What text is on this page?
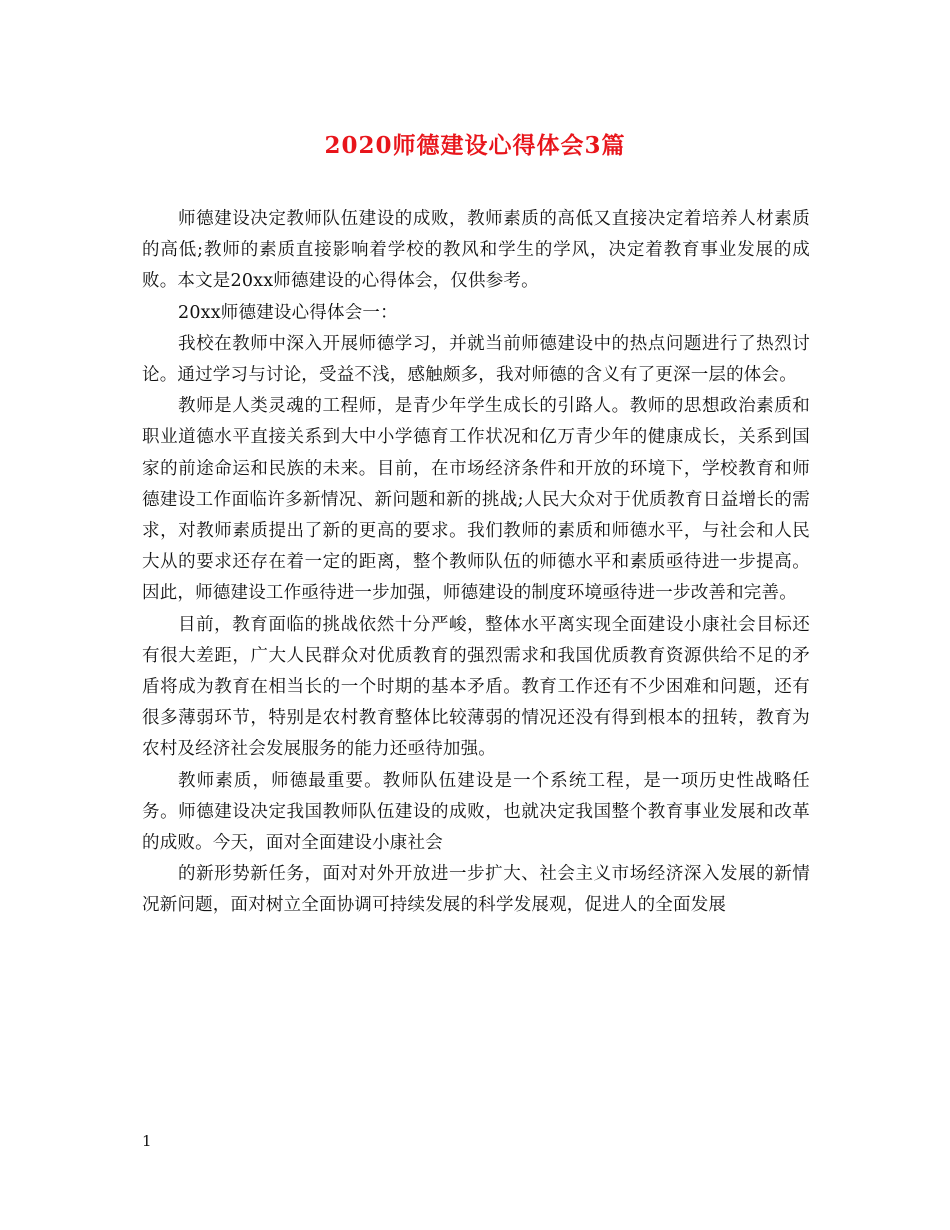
2020师德建设心得体会3篇

师德建设决定教师队伍建设的成败，教师素质的高低又直接决定着培养人材素质的高低;教师的素质直接影响着学校的教风和学生的学风，决定着教育事业发展的成败。本文是20xx师德建设的心得体会，仅供参考。

20xx师德建设心得体会一：

我校在教师中深入开展师德学习，并就当前师德建设中的热点问题进行了热烈讨论。通过学习与讨论，受益不浅，感触颇多，我对师德的含义有了更深一层的体会。

教师是人类灵魂的工程师，是青少年学生成长的引路人。教师的思想政治素质和职业道德水平直接关系到大中小学德育工作状况和亿万青少年的健康成长，关系到国家的前途命运和民族的未来。目前，在市场经济条件和开放的环境下，学校教育和师德建设工作面临许多新情况、新问题和新的挑战;人民大众对于优质教育日益增长的需求，对教师素质提出了新的更高的要求。我们教师的素质和师德水平，与社会和人民大从的要求还存在着一定的距离，整个教师队伍的师德水平和素质亟待进一步提高。因此，师德建设工作亟待进一步加强，师德建设的制度环境亟待进一步改善和完善。

目前，教育面临的挑战依然十分严峻，整体水平离实现全面建设小康社会目标还有很大差距，广大人民群众对优质教育的强烈需求和我国优质教育资源供给不足的矛盾将成为教育在相当长的一个时期的基本矛盾。教育工作还有不少困难和问题，还有很多薄弱环节，特别是农村教育整体比较薄弱的情况还没有得到根本的扭转，教育为农村及经济社会发展服务的能力还亟待加强。

教师素质，师德最重要。教师队伍建设是一个系统工程，是一项历史性战略任务。师德建设决定我国教师队伍建设的成败，也就决定我国整个教育事业发展和改革的成败。今天，面对全面建设小康社会

的新形势新任务，面对对外开放进一步扩大、社会主义市场经济深入发展的新情况新问题，面对树立全面协调可持续发展的科学发展观，促进人的全面发展

1
